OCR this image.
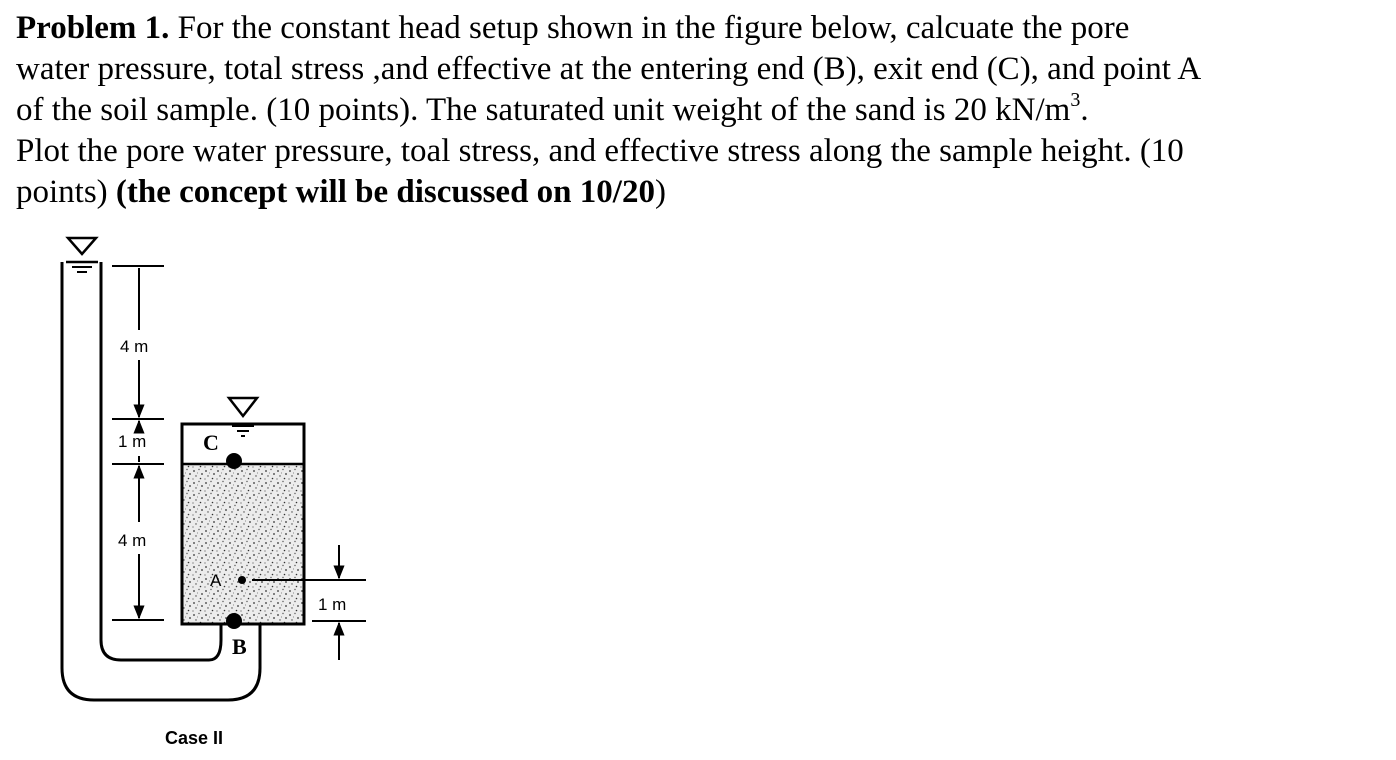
Problem 1. For the constant head setup shown in the figure below, calcuate the pore
water pressure, total stress ,and effective at the entering end (B), exit end (C), and point A
of the soil sample. (10 points). The saturated unit weight of the sand is 20 $kN/m^3$.
Plot the pore water pressure, toal stress, and effective stress along the sample height. (10
points) (the concept will be discussed on 10/20)
4 m
1 m
4 m
1 m
C
A
B
Case II
